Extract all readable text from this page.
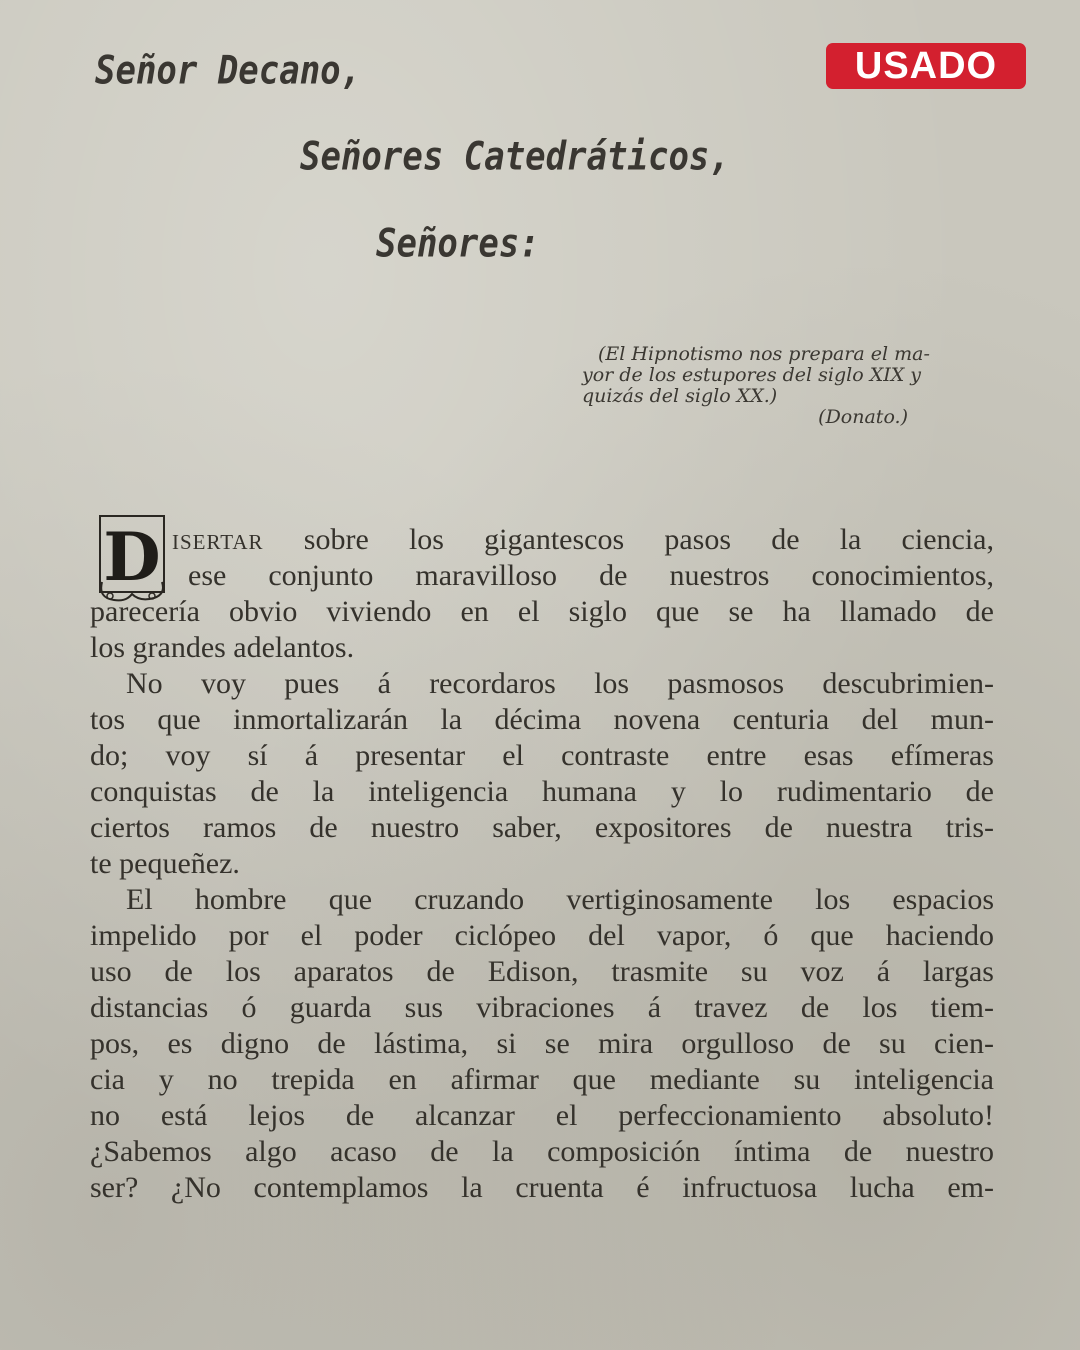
USADO
Señor Decano,
Señores Catedráticos,
Señores:
(El Hipnotismo nos prepara el ma-
yor de los estupores del siglo XIX y
quizás del siglo XX.)
(Donato.)
D isertar sobre los gigantescos pasos de la ciencia,
ese conjunto maravilloso de nuestros conocimientos,
parecería obvio viviendo en el siglo que se ha llamado de
los grandes adelantos.
No voy pues á recordaros los pasmosos descubrimien-
tos que inmortalizarán la décima novena centuria del mun-
do; voy sí á presentar el contraste entre esas efímeras
conquistas de la inteligencia humana y lo rudimentario de
ciertos ramos de nuestro saber, expositores de nuestra tris-
te pequeñez.
El hombre que cruzando vertiginosamente los espacios
impelido por el poder ciclópeo del vapor, ó que haciendo
uso de los aparatos de Edison, trasmite su voz á largas
distancias ó guarda sus vibraciones á travez de los tiem-
pos, es digno de lástima, si se mira orgulloso de su cien-
cia y no trepida en afirmar que mediante su inteligencia
no está lejos de alcanzar el perfeccionamiento absoluto!
¿Sabemos algo acaso de la composición íntima de nuestro
ser? ¿No contemplamos la cruenta é infructuosa lucha em-
